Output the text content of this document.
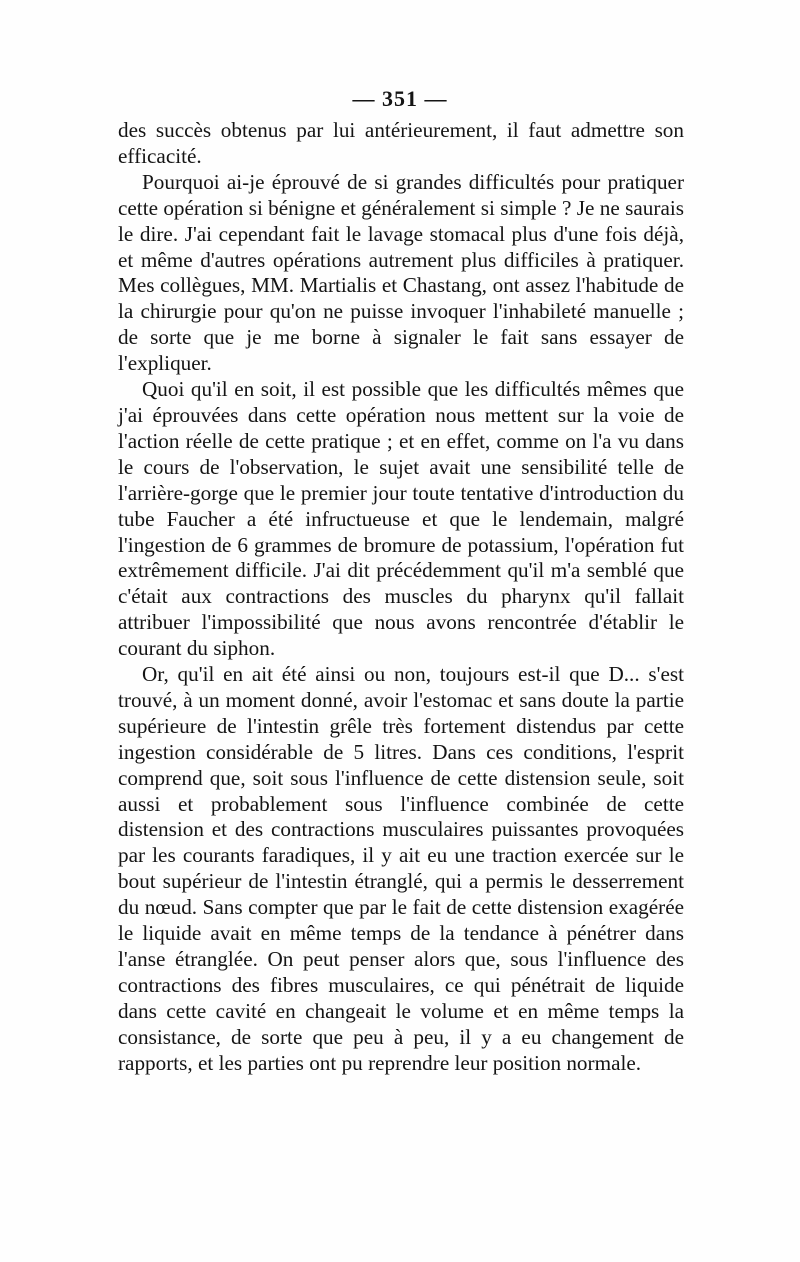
— 351 —

des succès obtenus par lui antérieurement, il faut admettre son efficacité.

Pourquoi ai-je éprouvé de si grandes difficultés pour pratiquer cette opération si bénigne et généralement si simple ? Je ne saurais le dire. J'ai cependant fait le lavage stomacal plus d'une fois déjà, et même d'autres opérations autrement plus difficiles à pratiquer. Mes collègues, MM. Martialis et Chastang, ont assez l'habitude de la chirurgie pour qu'on ne puisse invoquer l'inhabileté manuelle ; de sorte que je me borne à signaler le fait sans essayer de l'expliquer.

Quoi qu'il en soit, il est possible que les difficultés mêmes que j'ai éprouvées dans cette opération nous mettent sur la voie de l'action réelle de cette pratique ; et en effet, comme on l'a vu dans le cours de l'observation, le sujet avait une sensibilité telle de l'arrière-gorge que le premier jour toute tentative d'introduction du tube Faucher a été infructueuse et que le lendemain, malgré l'ingestion de 6 grammes de bromure de potassium, l'opération fut extrêmement difficile. J'ai dit précédemment qu'il m'a semblé que c'était aux contractions des muscles du pharynx qu'il fallait attribuer l'impossibilité que nous avons rencontrée d'établir le courant du siphon.

Or, qu'il en ait été ainsi ou non, toujours est-il que D... s'est trouvé, à un moment donné, avoir l'estomac et sans doute la partie supérieure de l'intestin grêle très fortement distendus par cette ingestion considérable de 5 litres. Dans ces conditions, l'esprit comprend que, soit sous l'influence de cette distension seule, soit aussi et probablement sous l'influence combinée de cette distension et des contractions musculaires puissantes provoquées par les courants faradiques, il y ait eu une traction exercée sur le bout supérieur de l'intestin étranglé, qui a permis le desserrement du nœud. Sans compter que par le fait de cette distension exagérée le liquide avait en même temps de la tendance à pénétrer dans l'anse étranglée. On peut penser alors que, sous l'influence des contractions des fibres musculaires, ce qui pénétrait de liquide dans cette cavité en changeait le volume et en même temps la consistance, de sorte que peu à peu, il y a eu changement de rapports, et les parties ont pu reprendre leur position normale.
